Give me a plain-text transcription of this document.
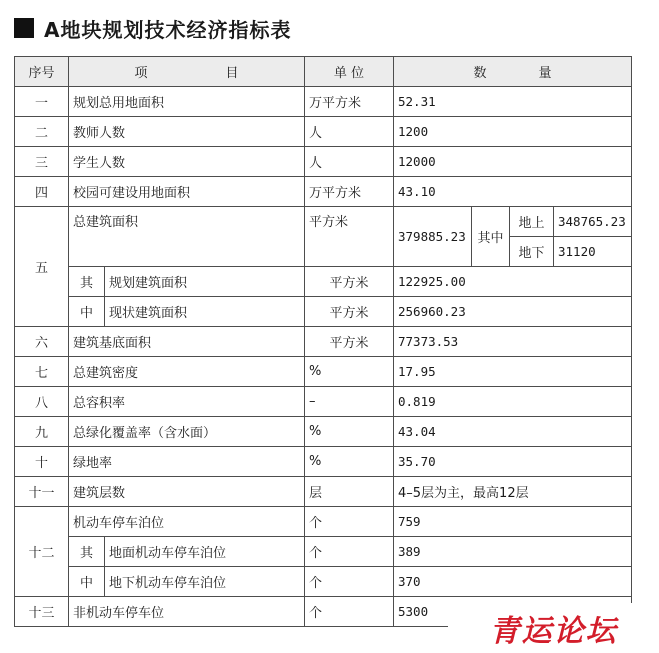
A地块规划技术经济指标表
序号	项　　　　　　目		单 位	数　　　　量			
一	规划总用地面积		万平方米	52.31			
二	教师人数		人	1200			
三	学生人数		人	12000			
四	校园可建设用地面积		万平方米	43.10			
五	总建筑面积		平方米	379885.23	其中	地上	348765.23
						地下	31120
	其	规划建筑面积	平方米	122925.00			
	中	现状建筑面积	平方米	256960.23			
六	建筑基底面积		平方米	77373.53			
七	总建筑密度		%	17.95			
八	总容积率		–	0.819			
九	总绿化覆盖率（含水面）		%	43.04			
十	绿地率		%	35.70			
十一	建筑层数		层	4–5层为主，最高12层			
十二	机动车停车泊位		个	759			
	其	地面机动车停车泊位	个	389			
	中	地下机动车停车泊位	个	370			
十三	非机动车停车位		个	5300			
青运论坛
